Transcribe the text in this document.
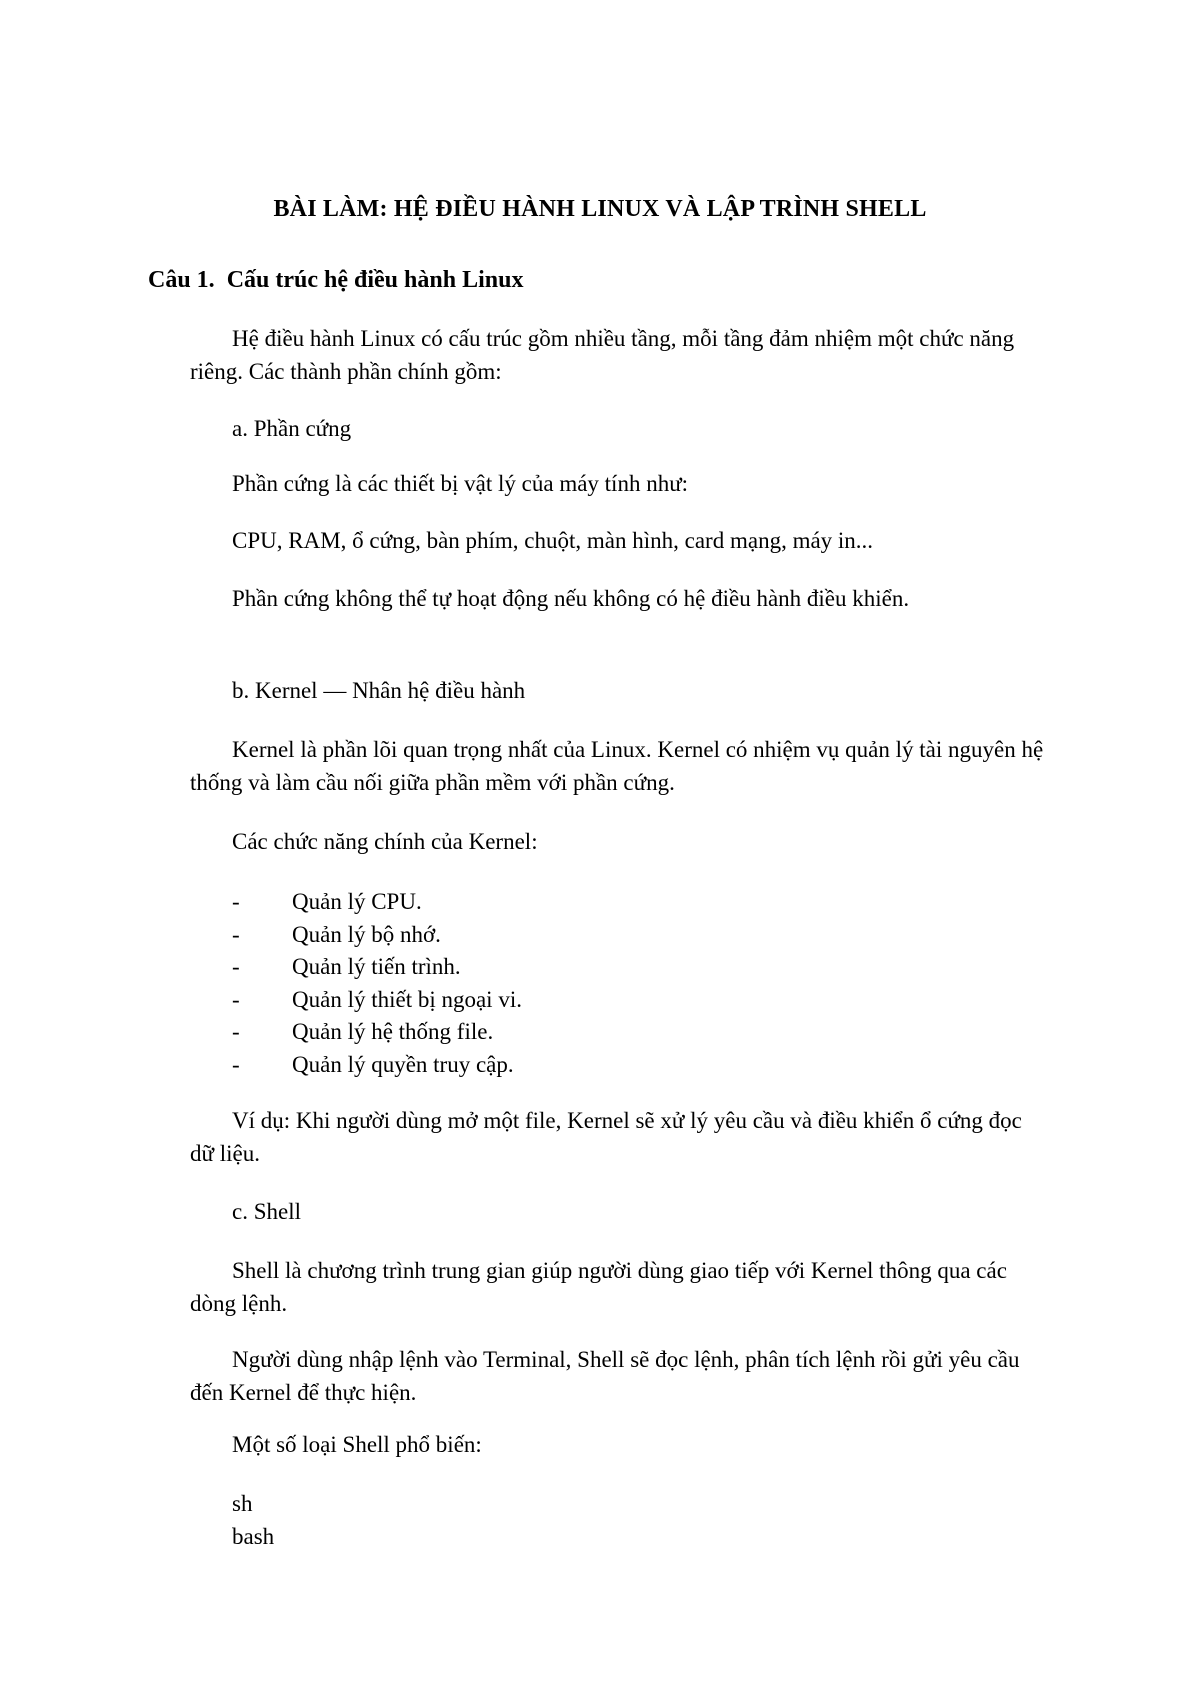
BÀI LÀM: HỆ ĐIỀU HÀNH LINUX VÀ LẬP TRÌNH SHELL
Câu 1. Cấu trúc hệ điều hành Linux
Hệ điều hành Linux có cấu trúc gồm nhiều tầng, mỗi tầng đảm nhiệm một chức năng riêng. Các thành phần chính gồm:
a. Phần cứng
Phần cứng là các thiết bị vật lý của máy tính như:
CPU, RAM, ổ cứng, bàn phím, chuột, màn hình, card mạng, máy in...
Phần cứng không thể tự hoạt động nếu không có hệ điều hành điều khiển.
b. Kernel — Nhân hệ điều hành
Kernel là phần lõi quan trọng nhất của Linux. Kernel có nhiệm vụ quản lý tài nguyên hệ thống và làm cầu nối giữa phần mềm với phần cứng.
Các chức năng chính của Kernel:
- Quản lý CPU.
- Quản lý bộ nhớ.
- Quản lý tiến trình.
- Quản lý thiết bị ngoại vi.
- Quản lý hệ thống file.
- Quản lý quyền truy cập.
Ví dụ: Khi người dùng mở một file, Kernel sẽ xử lý yêu cầu và điều khiển ổ cứng đọc dữ liệu.
c. Shell
Shell là chương trình trung gian giúp người dùng giao tiếp với Kernel thông qua các dòng lệnh.
Người dùng nhập lệnh vào Terminal, Shell sẽ đọc lệnh, phân tích lệnh rồi gửi yêu cầu đến Kernel để thực hiện.
Một số loại Shell phổ biến:
sh
bash
